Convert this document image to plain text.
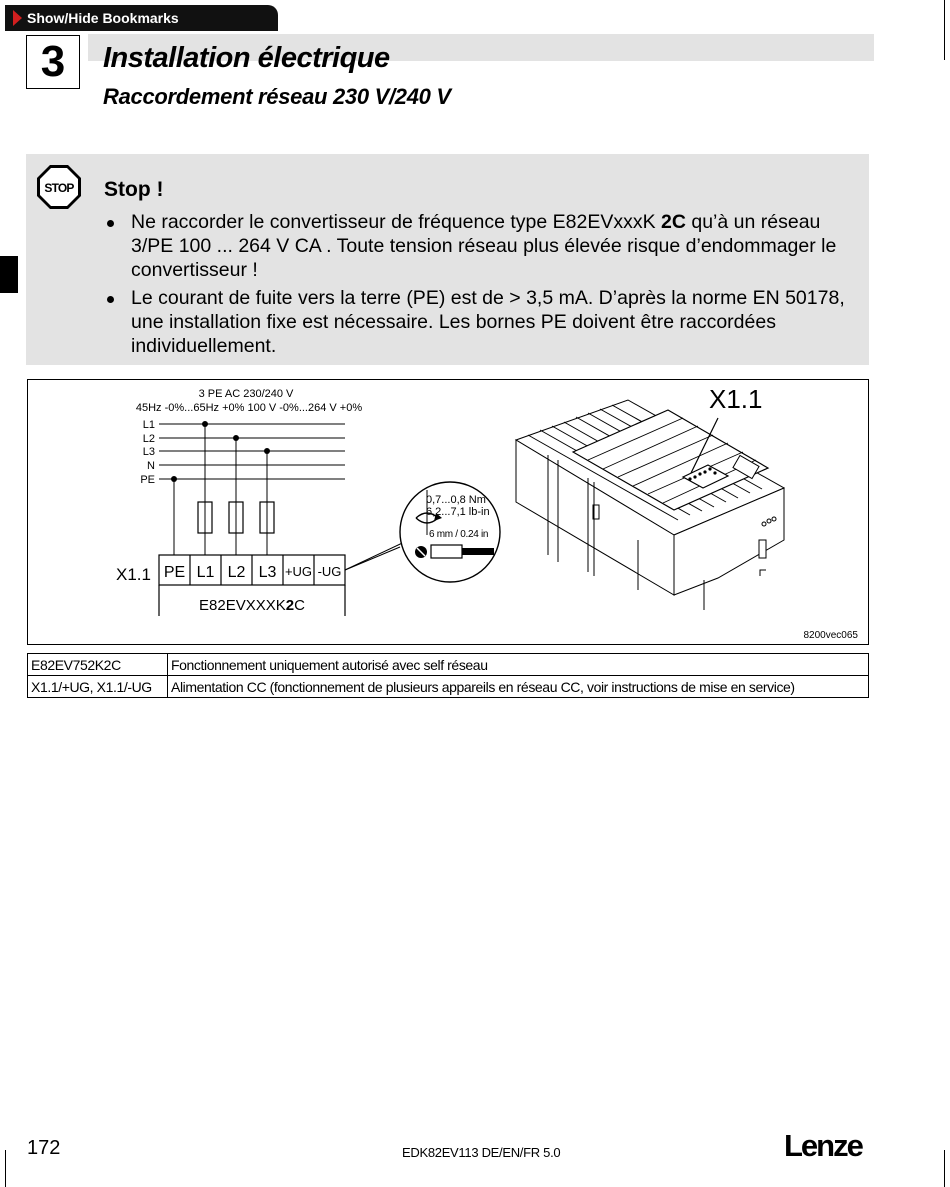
Show/Hide Bookmarks
3	Installation électrique
Raccordement réseau 230 V/240 V
STOP Stop !
Ne raccorder le convertisseur de fréquence type E82EVxxxK 2C qu’à un réseau 3/PE 100 ... 264 V CA . Toute tension réseau plus élevée risque d’endommager le convertisseur !
Le courant de fuite vers la terre (PE) est de > 3,5 mA. D’après la norme EN 50178, une installation fixe est nécessaire. Les bornes PE doivent être raccordées individuellement.
3 PE AC 230/240 V
45Hz -0%...65Hz +0% 100 V -0%...264 V +0%
L1
L2
L3
N
PE
X1.1 PE L1 L2 L3 +UG -UG
E82EVXXXK2C
0,7...0,8 Nm
6,2...7,1 lb-in
6 mm / 0.24 in
X1.1
8200vec065
E82EV752K2C	Fonctionnement uniquement autorisé avec self réseau
X1.1/+UG, X1.1/-UG	Alimentation CC (fonctionnement de plusieurs appareils en réseau CC, voir instructions de mise en service)
172	EDK82EV113 DE/EN/FR 5.0	Lenze
